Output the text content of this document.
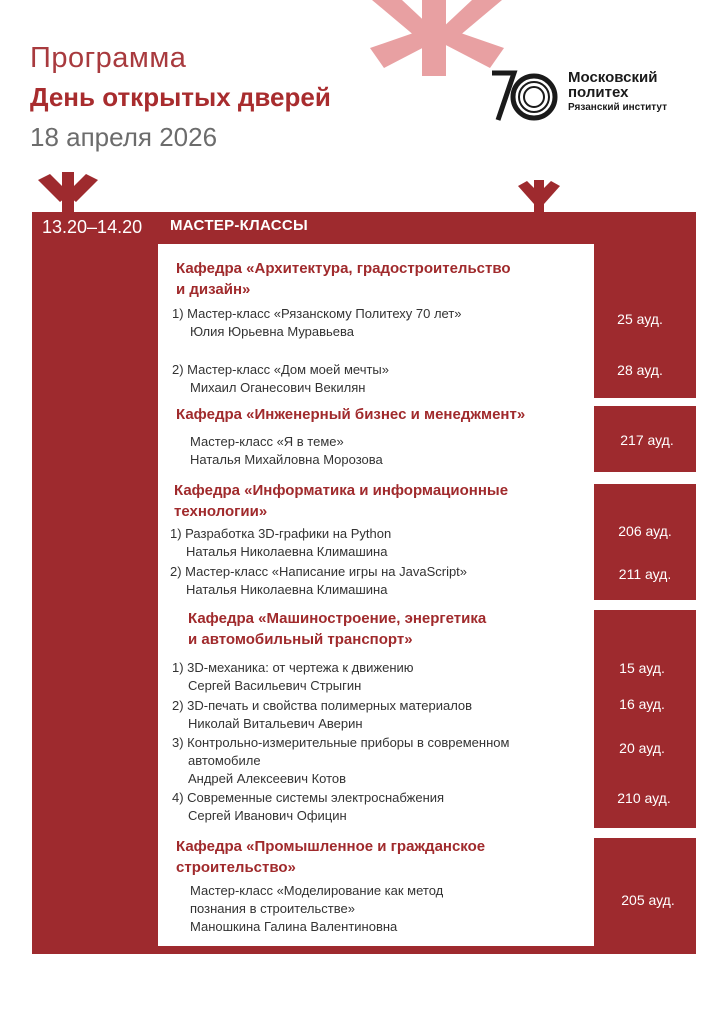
Программа
День открытых дверей
18 апреля 2026
Московский
политех
Рязанский институт
13.20–14.20 МАСТЕР-КЛАССЫ
Кафедра «Архитектура, градостроительство
и дизайн»
1) Мастер-класс «Рязанскому Политеху 70 лет»
Юлия Юрьевна Муравьева
25 ауд.
2) Мастер-класс «Дом моей мечты»
Михаил Оганесович Векилян
28 ауд.
Кафедра «Инженерный бизнес и менеджмент»
Мастер-класс «Я в теме»
Наталья Михайловна Морозова
217 ауд.
Кафедра «Информатика и информационные
технологии»
1) Разработка 3D-графики на Python
Наталья Николаевна Климашина
206 ауд.
2) Мастер-класс «Написание игры на JavaScript»
Наталья Николаевна Климашина
211 ауд.
Кафедра «Машиностроение, энергетика
и автомобильный транспорт»
1) 3D-механика: от чертежа к движению
Сергей Васильевич Стрыгин
15 ауд.
2) 3D-печать и свойства полимерных материалов
Николай Витальевич Аверин
16 ауд.
3) Контрольно-измерительные приборы в современном
автомобиле
Андрей Алексеевич Котов
20 ауд.
4) Современные системы электроснабжения
Сергей Иванович Официн
210 ауд.
Кафедра «Промышленное и гражданское
строительство»
Мастер-класс «Моделирование как метод
познания в строительстве»
Маношкина Галина Валентиновна
205 ауд.
